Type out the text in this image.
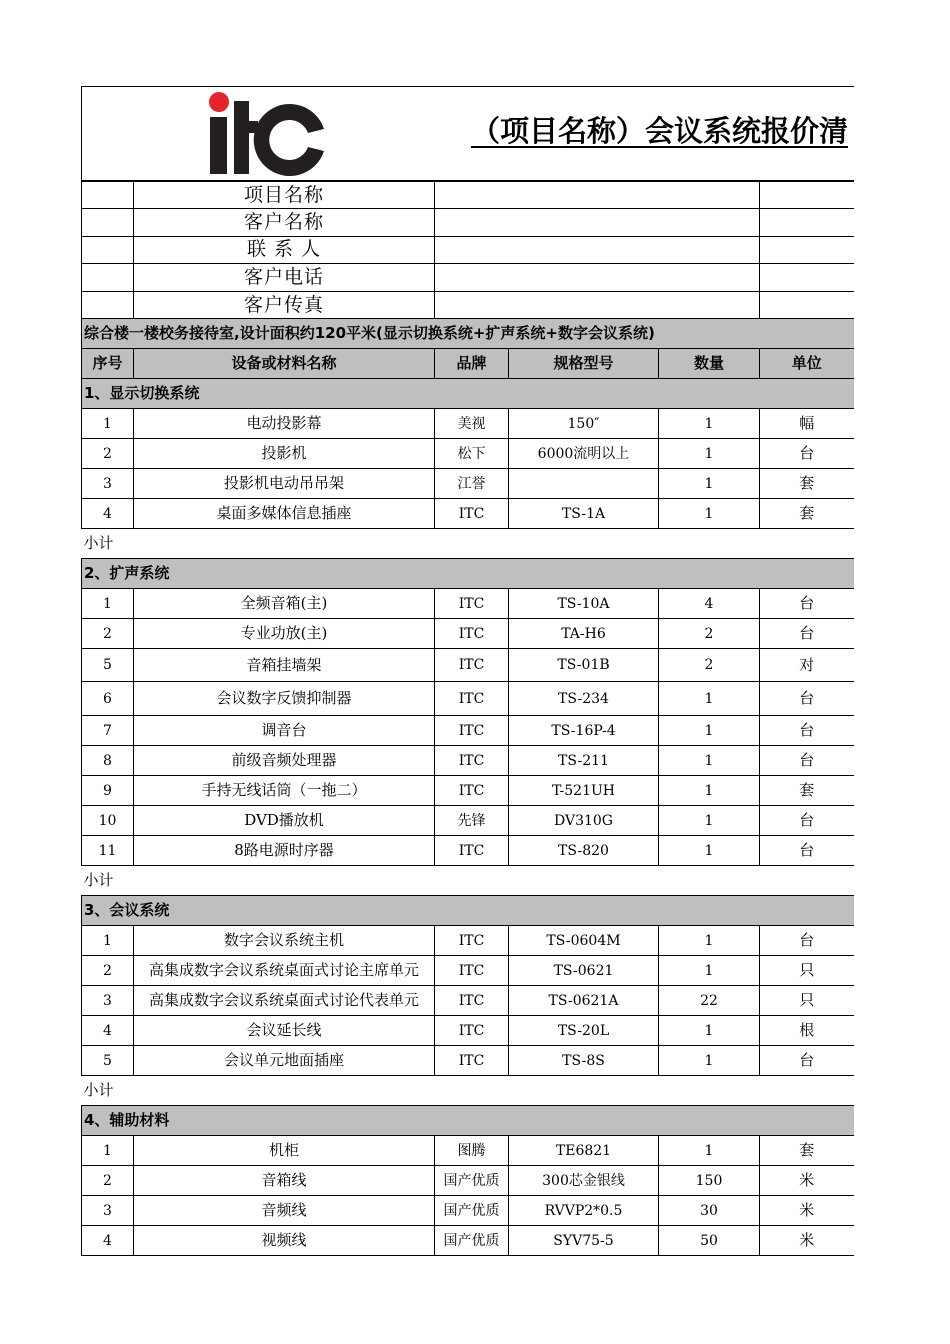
（项目名称）会议系统报价清					

	项目名称				
	客户名称				
	联 系 人				
	客户电话				
	客户传真				
综合楼一楼校务接待室,设计面积约120平米(显示切换系统+扩声系统+数字会议系统)					
序号	设备或材料名称	品牌	规格型号	数量	单位
1、显示切换系统					
1	电动投影幕	美视	150″	1	幅
2	投影机	松下	6000流明以上	1	台
3	投影机电动吊吊架	江誉		1	套
4	桌面多媒体信息插座	ITC	TS-1A	1	套
小计					
2、扩声系统					
1	全频音箱(主)	ITC	TS-10A	4	台
2	专业功放(主)	ITC	TA-H6	2	台
5	音箱挂墙架	ITC	TS-01B	2	对
6	会议数字反馈抑制器	ITC	TS-234	1	台
7	调音台	ITC	TS-16P-4	1	台
8	前级音频处理器	ITC	TS-211	1	台
9	手持无线话筒（一拖二）	ITC	T-521UH	1	套
10	DVD播放机	先锋	DV310G	1	台
11	8路电源时序器	ITC	TS-820	1	台
小计					
3、会议系统					
1	数字会议系统主机	ITC	TS-0604M	1	台
2	高集成数字会议系统桌面式讨论主席单元	ITC	TS-0621	1	只
3	高集成数字会议系统桌面式讨论代表单元	ITC	TS-0621A	22	只
4	会议延长线	ITC	TS-20L	1	根
5	会议单元地面插座	ITC	TS-8S	1	台
小计					
4、辅助材料					
1	机柜	图腾	TE6821	1	套
2	音箱线	国产优质	300芯金银线	150	米
3	音频线	国产优质	RVVP2*0.5	30	米
4	视频线	国产优质	SYV75-5	50	米
